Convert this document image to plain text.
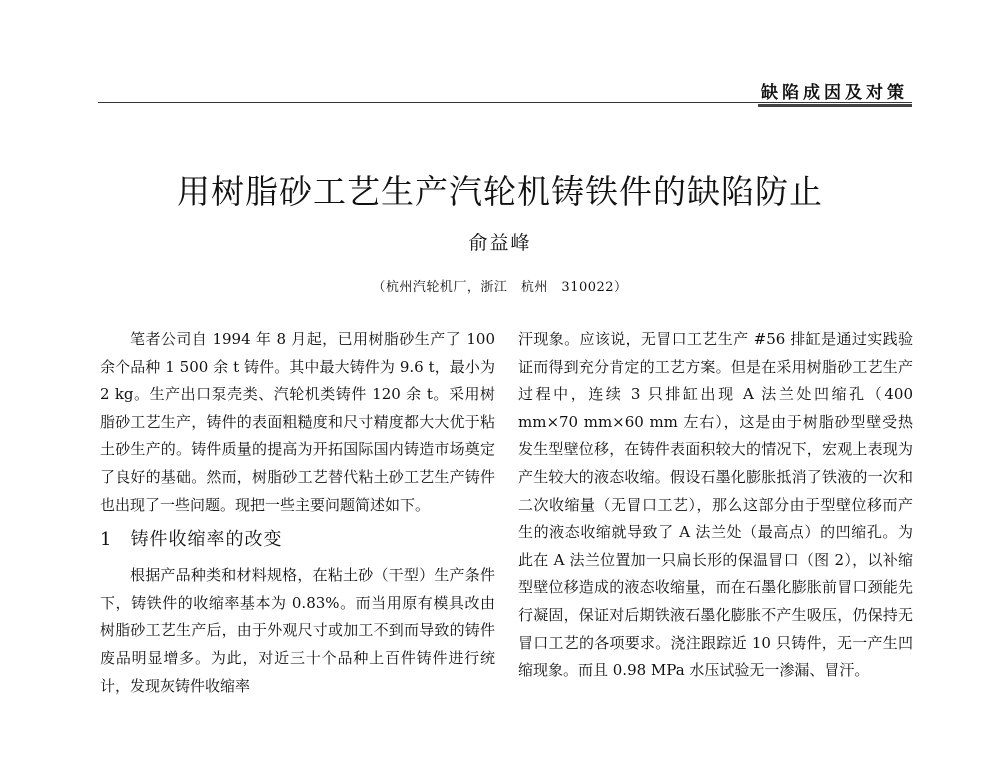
缺陷成因及对策
用树脂砂工艺生产汽轮机铸铁件的缺陷防止
俞益峰
（杭州汽轮机厂，浙江　杭州　310022）

笔者公司自 1994 年 8 月起，已用树脂砂生产了 100 余个品种 1 500 余 t 铸件。其中最大铸件为 9.6 t，最小为 2 kg。生产出口泵壳类、汽轮机类铸件 120 余 t。采用树脂砂工艺生产，铸件的表面粗糙度和尺寸精度都大大优于粘土砂生产的。铸件质量的提高为开拓国际国内铸造市场奠定了良好的基础。然而，树脂砂工艺替代粘土砂工艺生产铸件也出现了一些问题。现把一些主要问题简述如下。

1 铸件收缩率的改变

根据产品种类和材料规格，在粘土砂（干型）生产条件下，铸铁件的收缩率基本为 0.83%。而当用原有模具改由树脂砂工艺生产后，由于外观尺寸或加工不到而导致的铸件废品明显增多。为此，对近三十个品种上百件铸件进行统计，发现灰铸件收缩率

汗现象。应该说，无冒口工艺生产 #56 排缸是通过实践验证而得到充分肯定的工艺方案。但是在采用树脂砂工艺生产过程中，连续 3 只排缸出现 A 法兰处凹缩孔（400 mm×70 mm×60 mm 左右），这是由于树脂砂型壁受热发生型壁位移，在铸件表面积较大的情况下，宏观上表现为产生较大的液态收缩。假设石墨化膨胀抵消了铁液的一次和二次收缩量（无冒口工艺），那么这部分由于型壁位移而产生的液态收缩就导致了 A 法兰处（最高点）的凹缩孔。为此在 A 法兰位置加一只扁长形的保温冒口（图 2），以补缩型壁位移造成的液态收缩量，而在石墨化膨胀前冒口颈能先行凝固，保证对后期铁液石墨化膨胀不产生吸压，仍保持无冒口工艺的各项要求。浇注跟踪近 10 只铸件，无一产生凹缩现象。而且 0.98 MPa 水压试验无一渗漏、冒汗。
